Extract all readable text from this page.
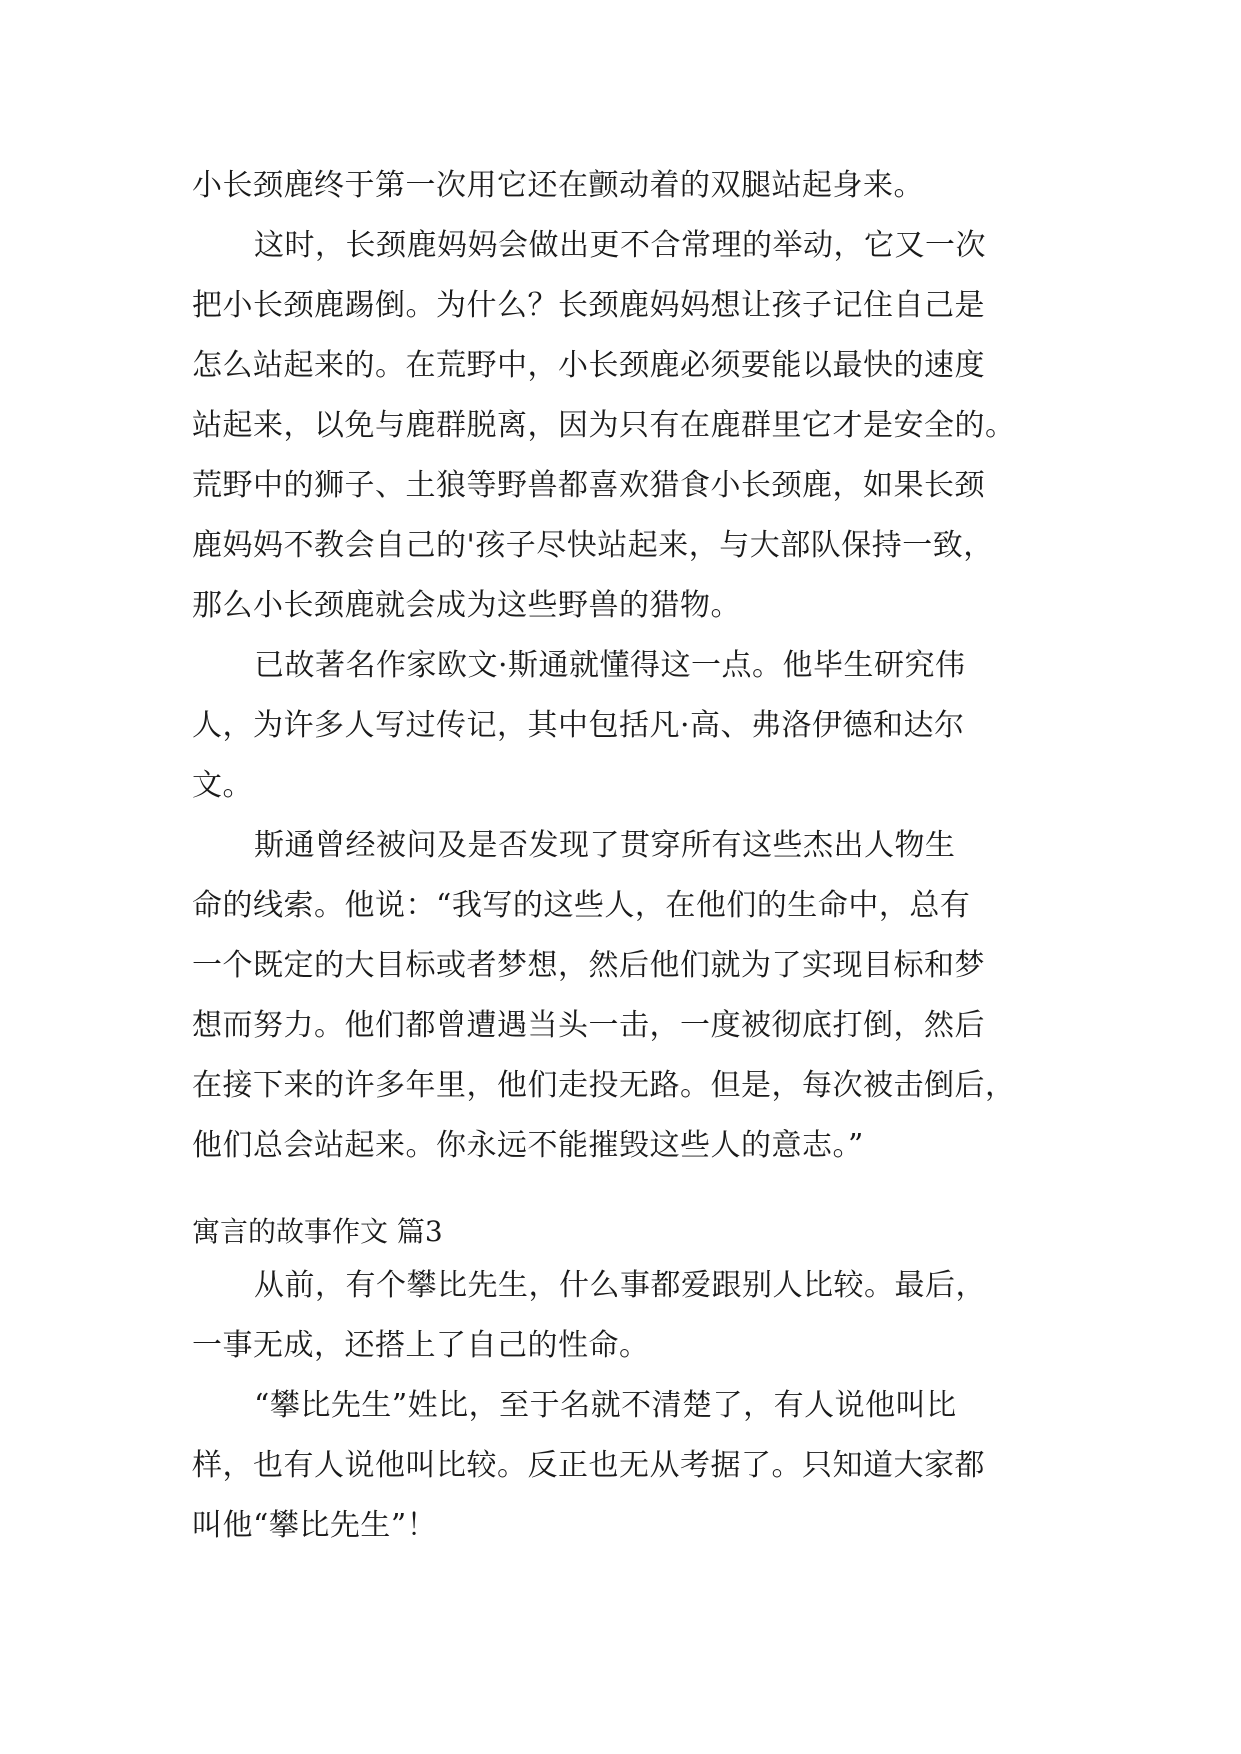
小长颈鹿终于第一次用它还在颤动着的双腿站起身来。
这时，长颈鹿妈妈会做出更不合常理的举动，它又一次
把小长颈鹿踢倒。为什么？长颈鹿妈妈想让孩子记住自己是
怎么站起来的。在荒野中，小长颈鹿必须要能以最快的速度
站起来，以免与鹿群脱离，因为只有在鹿群里它才是安全的。
荒野中的狮子、土狼等野兽都喜欢猎食小长颈鹿，如果长颈
鹿妈妈不教会自己的'孩子尽快站起来，与大部队保持一致，
那么小长颈鹿就会成为这些野兽的猎物。
已故著名作家欧文·斯通就懂得这一点。他毕生研究伟
人，为许多人写过传记，其中包括凡·高、弗洛伊德和达尔
文。
斯通曾经被问及是否发现了贯穿所有这些杰出人物生
命的线索。他说：“我写的这些人，在他们的生命中，总有
一个既定的大目标或者梦想，然后他们就为了实现目标和梦
想而努力。他们都曾遭遇当头一击，一度被彻底打倒，然后
在接下来的许多年里，他们走投无路。但是，每次被击倒后，
他们总会站起来。你永远不能摧毁这些人的意志。”
寓言的故事作文 篇3
从前，有个攀比先生，什么事都爱跟别人比较。最后，
一事无成，还搭上了自己的性命。
“攀比先生”姓比，至于名就不清楚了，有人说他叫比
样，也有人说他叫比较。反正也无从考据了。只知道大家都
叫他“攀比先生”！
